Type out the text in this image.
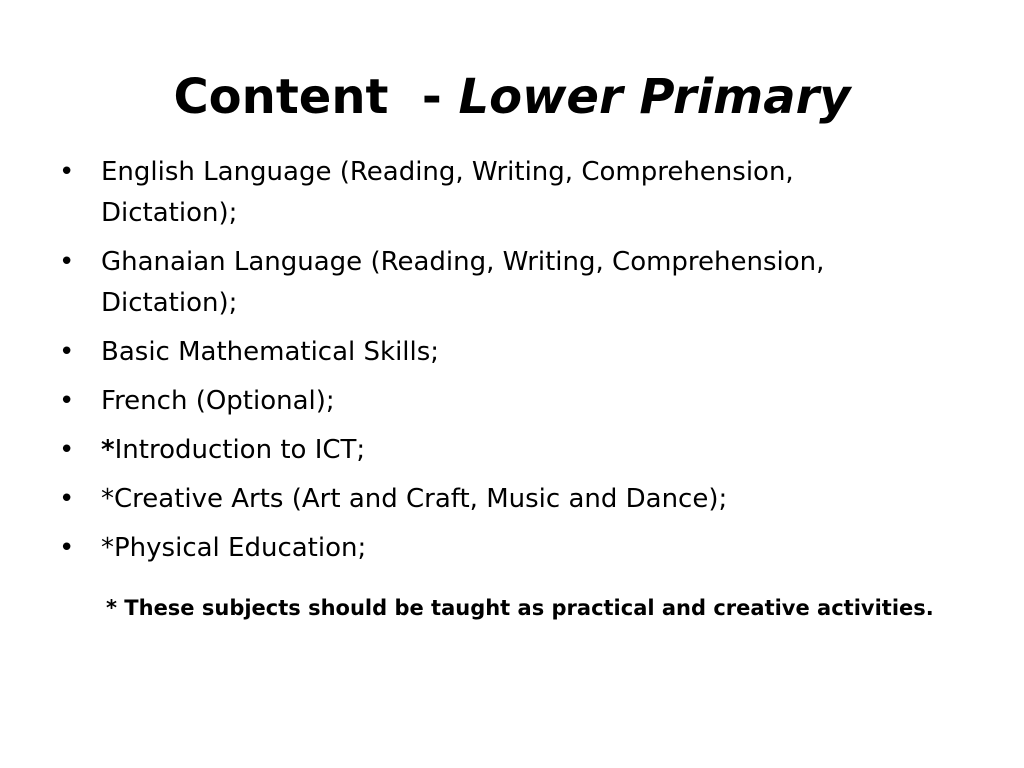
Content - Lower Primary
• English Language (Reading, Writing, Comprehension, Dictation);
• Ghanaian Language (Reading, Writing, Comprehension, Dictation);
• Basic Mathematical Skills;
• French (Optional);
• *Introduction to ICT;
• *Creative Arts (Art and Craft, Music and Dance);
• *Physical Education;
* These subjects should be taught as practical and creative activities.
